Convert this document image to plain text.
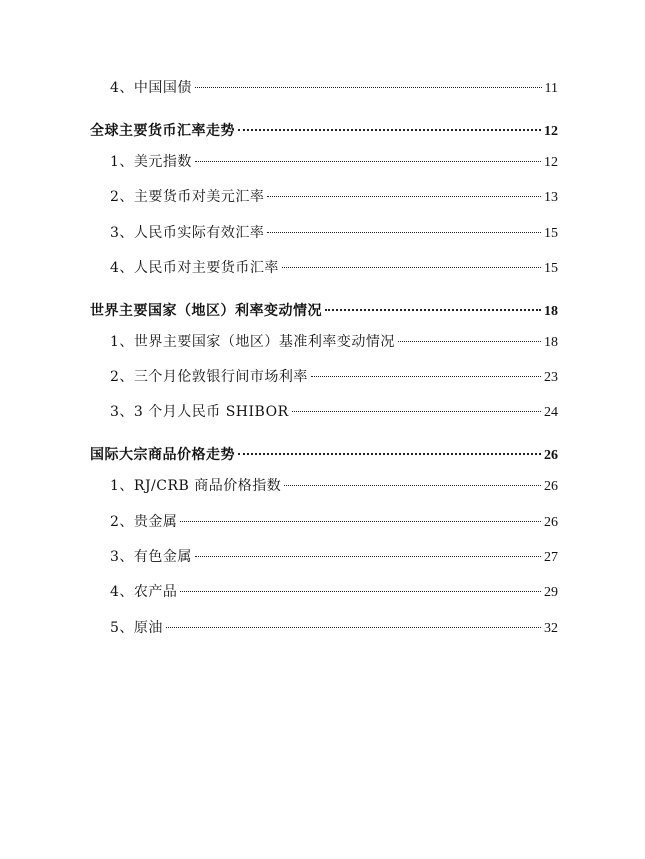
4、中国国债	11
全球主要货币汇率走势	12
1、美元指数	12
2、主要货币对美元汇率	13
3、人民币实际有效汇率	15
4、人民币对主要货币汇率	15
世界主要国家（地区）利率变动情况	18
1、世界主要国家（地区）基准利率变动情况	18
2、三个月伦敦银行间市场利率	23
3、3 个月人民币 SHIBOR	24
国际大宗商品价格走势	26
1、RJ/CRB 商品价格指数	26
2、贵金属	26
3、有色金属	27
4、农产品	29
5、原油	32
